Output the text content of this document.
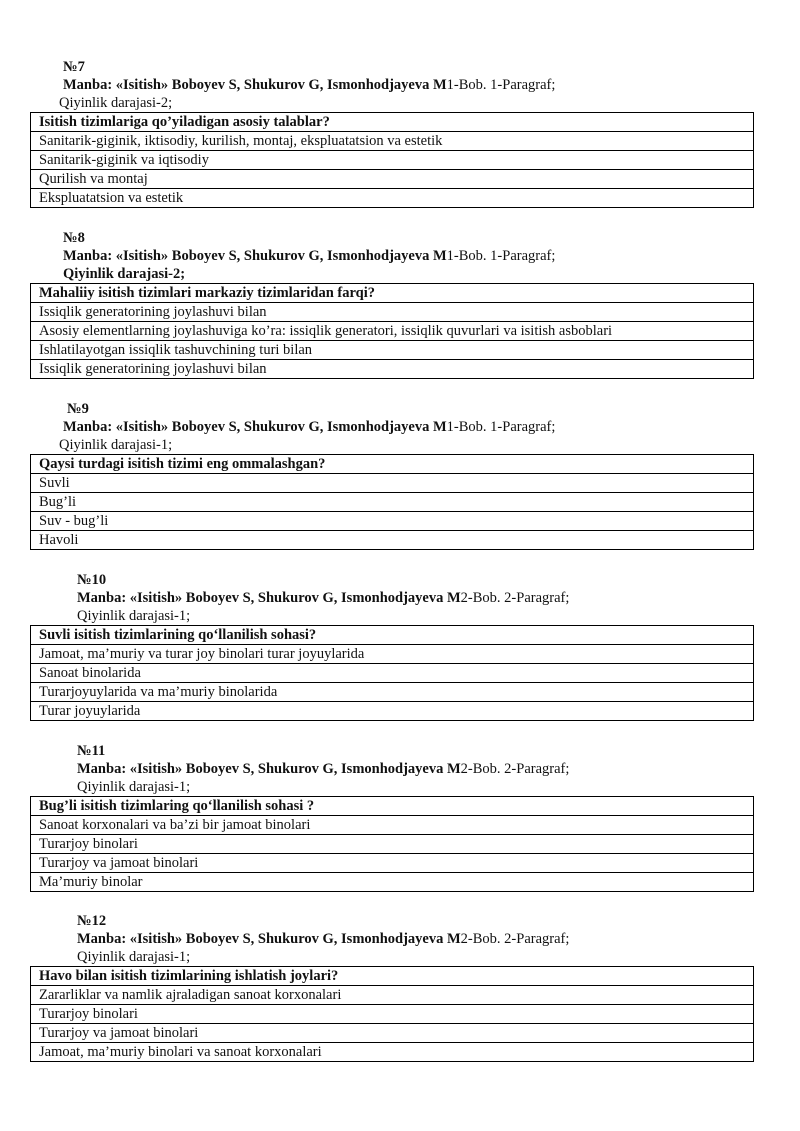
№7
Manba: «Isitish» Boboyev S, Shukurov G, Ismonhodjayeva M1-Bob. 1-Paragraf;
Qiyinlik darajasi-2;
Isitish tizimlariga qo’yiladigan asosiy talablar?
Sanitarik-giginik, iktisodiy, kurilish, montaj, ekspluatatsion va estetik
Sanitarik-giginik va iqtisodiy
Qurilish va montaj
Ekspluatatsion va estetik
№8
Manba: «Isitish» Boboyev S, Shukurov G, Ismonhodjayeva M1-Bob. 1-Paragraf;
Qiyinlik darajasi-2;
Mahaliiy isitish tizimlari markaziy tizimlaridan farqi?
Issiqlik generatorining joylashuvi bilan
Asosiy elementlarning joylashuviga ko’ra: issiqlik generatori, issiqlik quvurlari va isitish asboblari
Ishlatilayotgan issiqlik tashuvchining turi bilan
Issiqlik generatorining joylashuvi bilan
№9
Manba: «Isitish» Boboyev S, Shukurov G, Ismonhodjayeva M1-Bob. 1-Paragraf;
Qiyinlik darajasi-1;
Qaysi turdagi isitish tizimi eng ommalashgan?
Suvli
Bug’li
Suv - bug’li
Havoli
№10
Manba: «Isitish» Boboyev S, Shukurov G, Ismonhodjayeva M2-Bob. 2-Paragraf;
Qiyinlik darajasi-1;
Suvli isitish tizimlarining qo‘llanilish sohasi?
Jamoat, ma’muriy va turar joy binolari turar joyuylarida
Sanoat binolarida
Turarjoyuylarida va ma’muriy binolarida
Turar joyuylarida
№11
Manba: «Isitish» Boboyev S, Shukurov G, Ismonhodjayeva M2-Bob. 2-Paragraf;
Qiyinlik darajasi-1;
Bug’li isitish tizimlaring qo‘llanilish sohasi ?
Sanoat korxonalari va ba’zi bir jamoat binolari
Turarjoy binolari
Turarjoy va jamoat binolari
Ma’muriy binolar
№12
Manba: «Isitish» Boboyev S, Shukurov G, Ismonhodjayeva M2-Bob. 2-Paragraf;
Qiyinlik darajasi-1;
Havo bilan isitish tizimlarining ishlatish joylari?
Zararliklar va namlik ajraladigan sanoat korxonalari
Turarjoy binolari
Turarjoy va jamoat binolari
Jamoat, ma’muriy binolari va sanoat korxonalari
